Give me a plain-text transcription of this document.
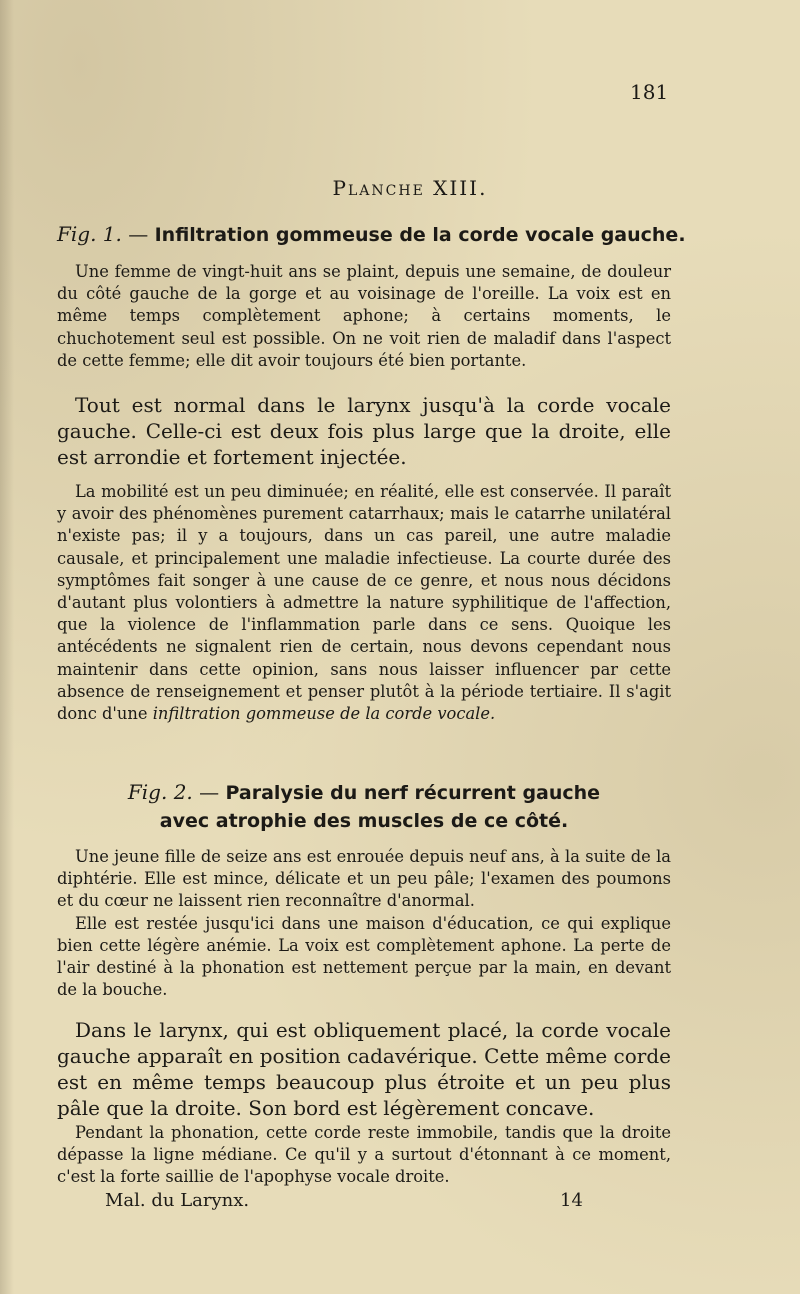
181
Planche XIII.
Fig. 1. — Infiltration gommeuse de la corde vocale gauche.

Une femme de vingt-huit ans se plaint, depuis une semaine, de douleur du côté gauche de la gorge et au voisinage de l'oreille. La voix est en même temps complètement aphone; à certains moments, le chuchotement seul est possible. On ne voit rien de maladif dans l'aspect de cette femme; elle dit avoir toujours été bien portante.

Tout est normal dans le larynx jusqu'à la corde vocale gauche. Celle-ci est deux fois plus large que la droite, elle est arrondie et fortement injectée.

La mobilité est un peu diminuée; en réalité, elle est conservée. Il paraît y avoir des phénomènes purement catarrhaux; mais le catarrhe unilatéral n'existe pas; il y a toujours, dans un cas pareil, une autre maladie causale, et principalement une maladie infectieuse. La courte durée des symptômes fait songer à une cause de ce genre, et nous nous décidons d'autant plus volontiers à admettre la nature syphilitique de l'affection, que la violence de l'inflammation parle dans ce sens. Quoique les antécédents ne signalent rien de certain, nous devons cependant nous maintenir dans cette opinion, sans nous laisser influencer par cette absence de renseignement et penser plutôt à la période tertiaire. Il s'agit donc d'une infiltration gommeuse de la corde vocale.

Fig. 2. — Paralysie du nerf récurrent gauche
avec atrophie des muscles de ce côté.

Une jeune fille de seize ans est enrouée depuis neuf ans, à la suite de la diphtérie. Elle est mince, délicate et un peu pâle; l'examen des poumons et du cœur ne laissent rien reconnaître d'anormal.

Elle est restée jusqu'ici dans une maison d'éducation, ce qui explique bien cette légère anémie. La voix est complètement aphone. La perte de l'air destiné à la phonation est nettement perçue par la main, en devant de la bouche.

Dans le larynx, qui est obliquement placé, la corde vocale gauche apparaît en position cadavérique. Cette même corde est en même temps beaucoup plus étroite et un peu plus pâle que la droite. Son bord est légèrement concave.

Pendant la phonation, cette corde reste immobile, tandis que la droite dépasse la ligne médiane. Ce qu'il y a surtout d'étonnant à ce moment, c'est la forte saillie de l'apophyse vocale droite.

Mal. du Larynx.	14
